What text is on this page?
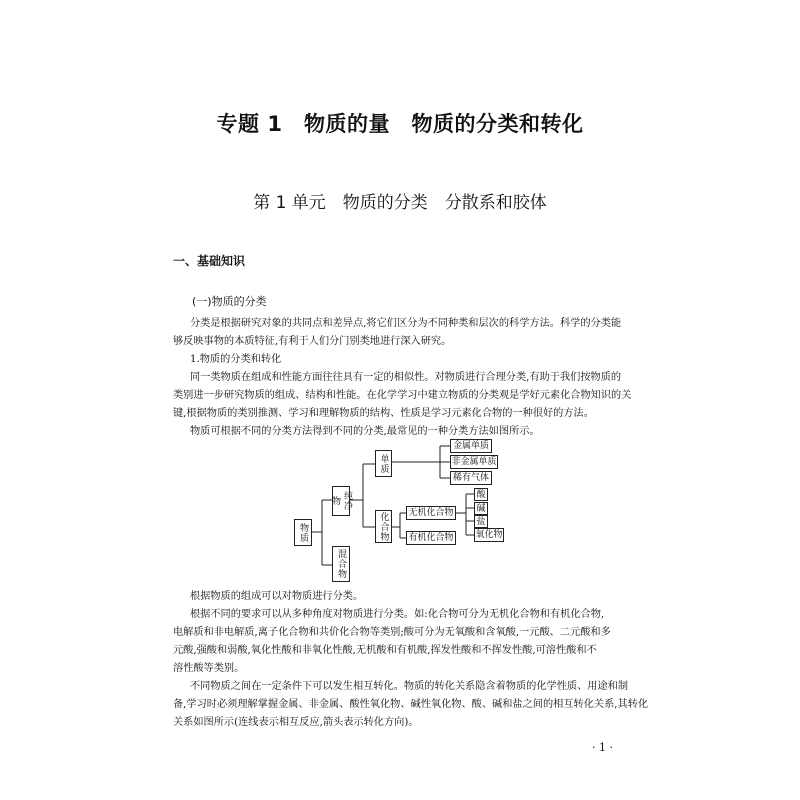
专题 1　物质的量　物质的分类和转化
第 1 单元　物质的分类　分散系和胶体
一、基础知识
(一)物质的分类
分类是根据研究对象的共同点和差异点,将它们区分为不同种类和层次的科学方法。科学的分类能
够反映事物的本质特征,有利于人们分门别类地进行深入研究。
1.物质的分类和转化
同一类物质在组成和性能方面往往具有一定的相似性。对物质进行合理分类,有助于我们按物质的
类别进一步研究物质的组成、结构和性能。在化学学习中建立物质的分类观是学好元素化合物知识的关
键,根据物质的类别推测、学习和理解物质的结构、性质是学习元素化合物的一种很好的方法。
物质可根据不同的分类方法得到不同的分类,最常见的一种分类方法如图所示。
物质
纯净物
混合物
单质
化合物
金属单质
非金属单质
稀有气体
无机化合物
有机化合物
酸
碱
盐
氧化物
根据物质的组成可以对物质进行分类。
根据不同的要求可以从多种角度对物质进行分类。如:化合物可分为无机化合物和有机化合物,
电解质和非电解质,离子化合物和共价化合物等类别;酸可分为无氧酸和含氧酸,一元酸、二元酸和多
元酸,强酸和弱酸,氧化性酸和非氧化性酸,无机酸和有机酸,挥发性酸和不挥发性酸,可溶性酸和不
溶性酸等类别。
不同物质之间在一定条件下可以发生相互转化。物质的转化关系隐含着物质的化学性质、用途和制
备,学习时必须理解掌握金属、非金属、酸性氧化物、碱性氧化物、酸、碱和盐之间的相互转化关系,其转化
关系如图所示(连线表示相互反应,箭头表示转化方向)。
· 1 ·
